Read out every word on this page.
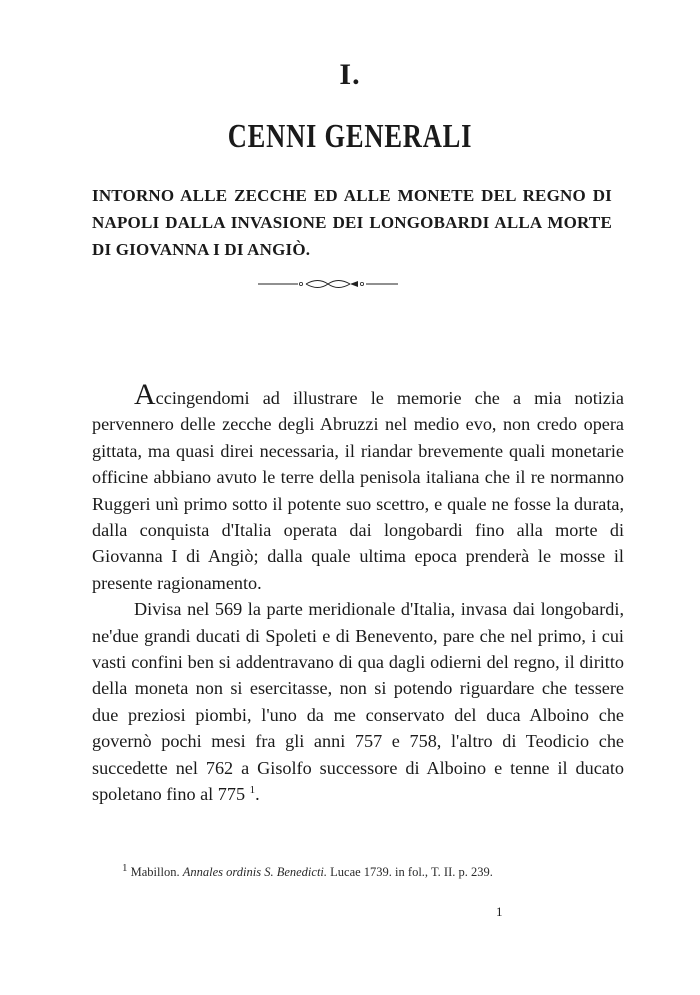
I.
CENNI GENERALI
INTORNO ALLE ZECCHE ED ALLE MONETE DEL REGNO DI NAPOLI DALLA INVASIONE DEI LONGOBARDI ALLA MORTE DI GIOVANNA I DI ANGIÒ.

Accingendomi ad illustrare le memorie che a mia notizia pervennero delle zecche degli Abruzzi nel medio evo, non credo opera gittata, ma quasi direi necessaria, il riandar brevemente quali monetarie officine abbiano avuto le terre della penisola italiana che il re normanno Ruggeri unì primo sotto il potente suo scettro, e quale ne fosse la durata, dalla conquista d'Italia operata dai longobardi fino alla morte di Giovanna I di Angiò; dalla quale ultima epoca prenderà le mosse il presente ragionamento.

Divisa nel 569 la parte meridionale d'Italia, invasa dai longobardi, ne'due grandi ducati di Spoleti e di Benevento, pare che nel primo, i cui vasti confini ben si addentravano di qua dagli odierni del regno, il diritto della moneta non si esercitasse, non si potendo riguardare che tessere due preziosi piombi, l'uno da me conservato del duca Alboino che governò pochi mesi fra gli anni 757 e 758, l'altro di Teodicio che succedette nel 762 a Gisolfo successore di Alboino e tenne il ducato spoletano fino al 775 $^1$.

$^1$ Mabillon. Annales ordinis S. Benedicti. Lucae 1739. in fol., T. II. p. 239.
1
